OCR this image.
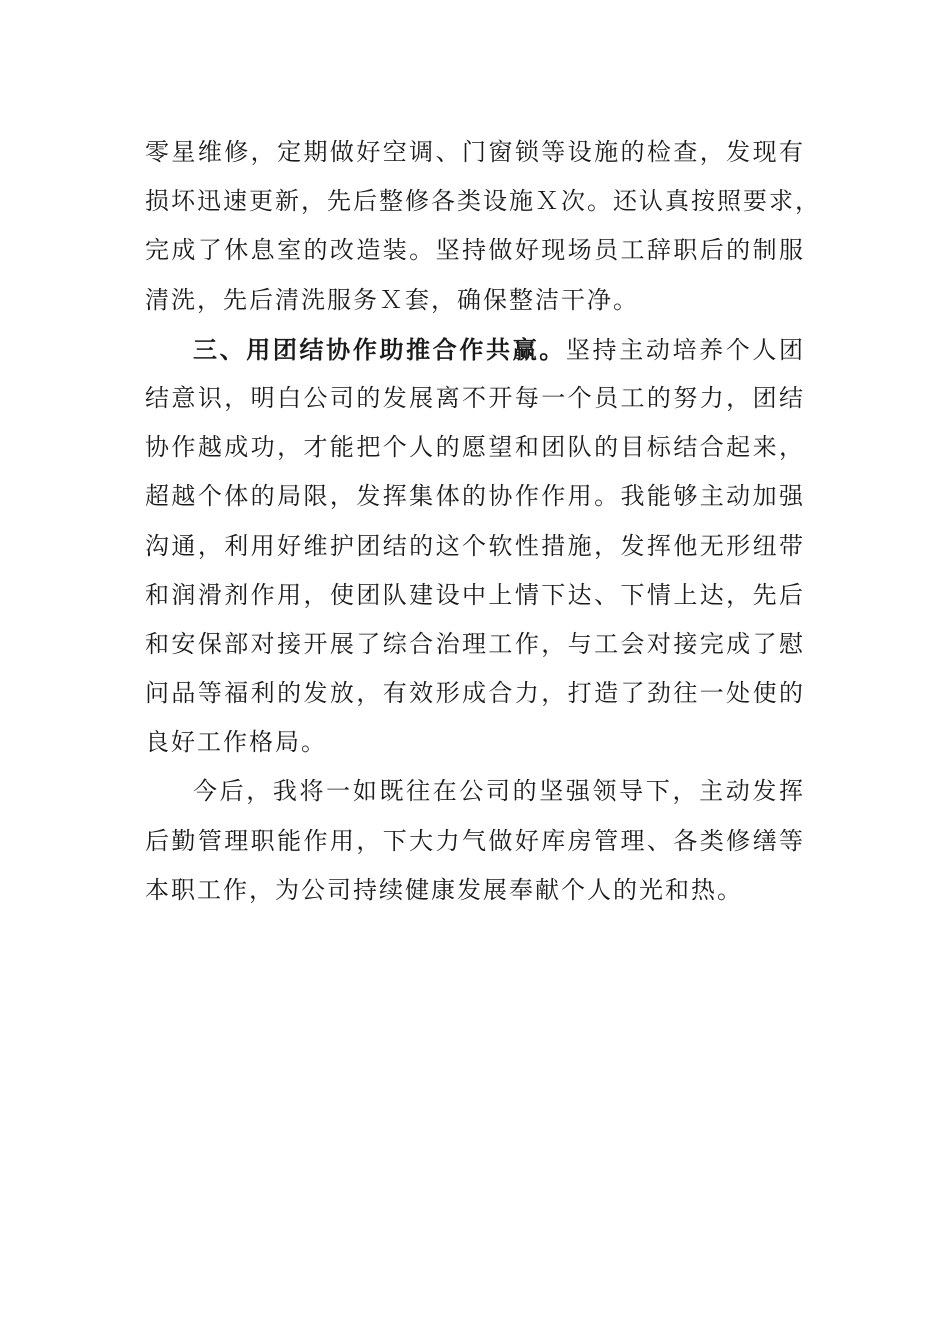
零星维修，定期做好空调、门窗锁等设施的检查，发现有
损坏迅速更新，先后整修各类设施Ｘ次。还认真按照要求，
完成了休息室的改造装。坚持做好现场员工辞职后的制服
清洗，先后清洗服务Ｘ套，确保整洁干净。
三、用团结协作助推合作共赢。坚持主动培养个人团
结意识，明白公司的发展离不开每一个员工的努力，团结
协作越成功，才能把个人的愿望和团队的目标结合起来，
超越个体的局限，发挥集体的协作作用。我能够主动加强
沟通，利用好维护团结的这个软性措施，发挥他无形纽带
和润滑剂作用，使团队建设中上情下达、下情上达，先后
和安保部对接开展了综合治理工作，与工会对接完成了慰
问品等福利的发放，有效形成合力，打造了劲往一处使的
良好工作格局。
今后，我将一如既往在公司的坚强领导下，主动发挥
后勤管理职能作用，下大力气做好库房管理、各类修缮等
本职工作，为公司持续健康发展奉献个人的光和热。
